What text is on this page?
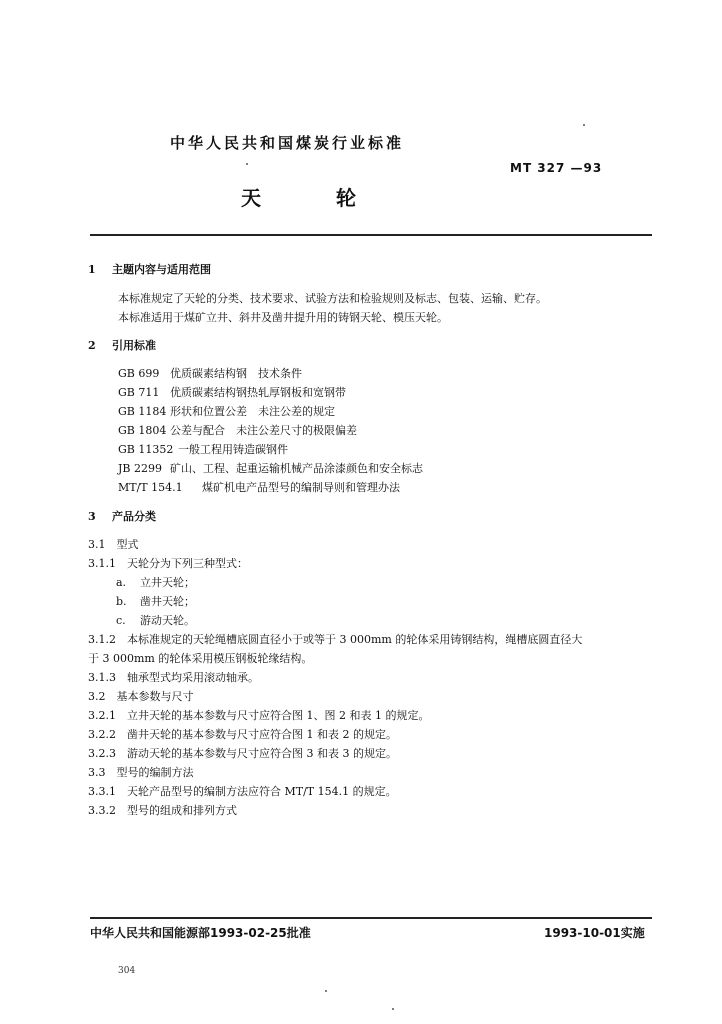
中华人民共和国煤炭行业标准
MT 327 —93
天	轮
1 主题内容与适用范围
本标准规定了天轮的分类、技术要求、试验方法和检验规则及标志、包装、运输、贮存。
本标准适用于煤矿立井、斜井及凿井提升用的铸钢天轮、模压天轮。
2 引用标准
GB 699 优质碳素结构钢　技术条件
GB 711 优质碳素结构钢热轧厚钢板和宽钢带
GB 1184 形状和位置公差　未注公差的规定
GB 1804 公差与配合　未注公差尺寸的极限偏差
GB 11352 一般工程用铸造碳钢件
JB 2299 矿山、工程、起重运输机械产品涂漆颜色和安全标志
MT/T 154.1 煤矿机电产品型号的编制导则和管理办法
3 产品分类
3.1　型式
3.1.1　天轮分为下列三种型式：
a. 立井天轮；
b. 凿井天轮；
c. 游动天轮。
3.1.2　本标准规定的天轮绳槽底圆直径小于或等于 3 000mm 的轮体采用铸钢结构，绳槽底圆直径大
于 3 000mm 的轮体采用模压钢板轮缘结构。
3.1.3　轴承型式均采用滚动轴承。
3.2　基本参数与尺寸
3.2.1　立井天轮的基本参数与尺寸应符合图 1、图 2 和表 1 的规定。
3.2.2　凿井天轮的基本参数与尺寸应符合图 1 和表 2 的规定。
3.2.3　游动天轮的基本参数与尺寸应符合图 3 和表 3 的规定。
3.3　型号的编制方法
3.3.1　天轮产品型号的编制方法应符合 MT/T 154.1 的规定。
3.3.2　型号的组成和排列方式
中华人民共和国能源部1993-02-25批准	1993-10-01实施
304
